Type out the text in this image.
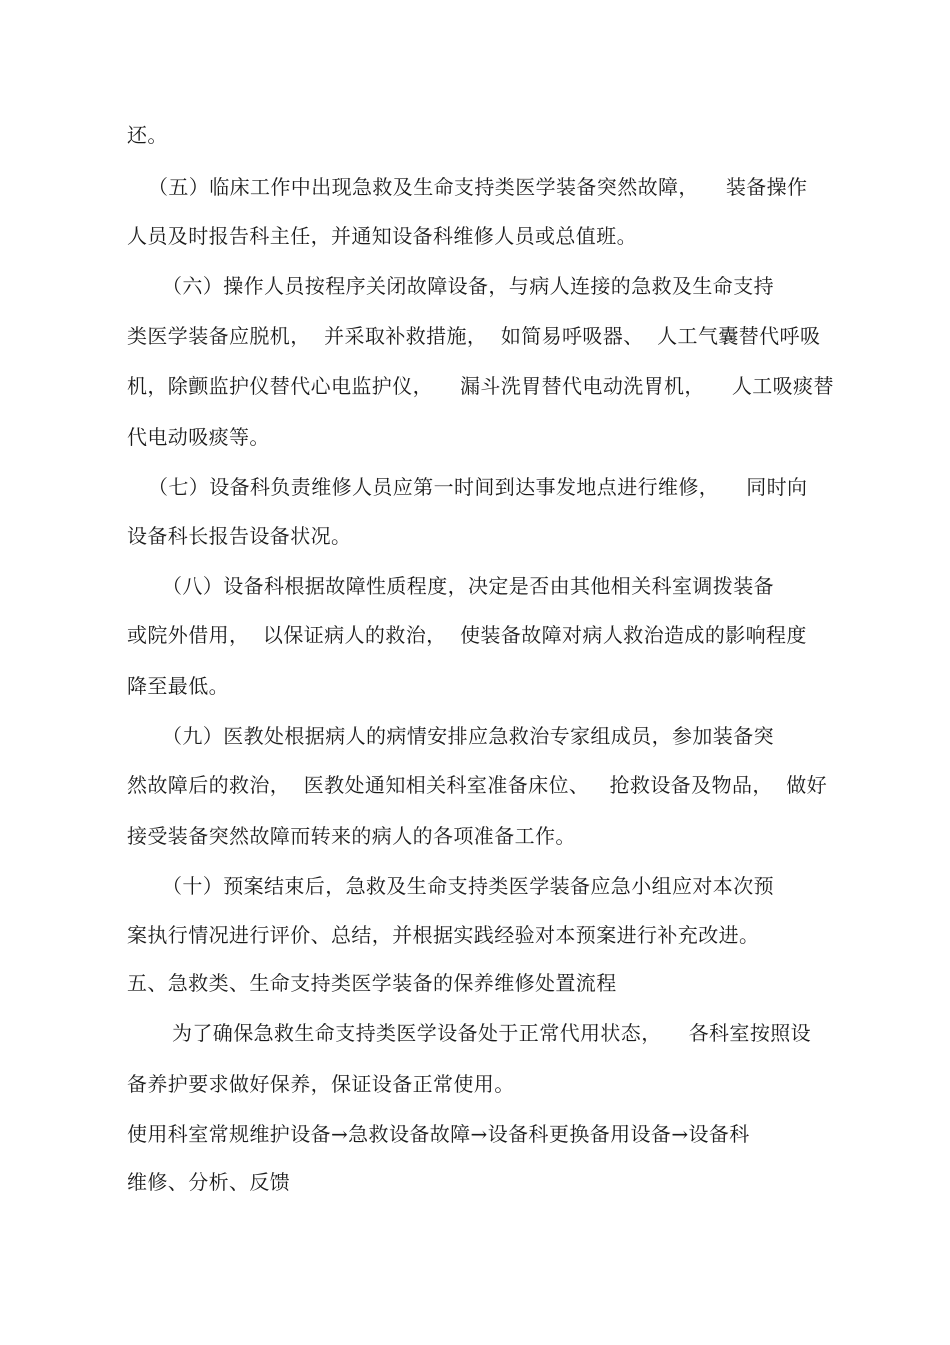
还。
（五）临床工作中出现急救及生命支持类医学装备突然故障，    装备操作
人员及时报告科主任，并通知设备科维修人员或总值班。
（六）操作人员按程序关闭故障设备，与病人连接的急救及生命支持
类医学装备应脱机，  并采取补救措施，  如简易呼吸器、  人工气囊替代呼吸
机，除颤监护仪替代心电监护仪，    漏斗洗胃替代电动洗胃机，    人工吸痰替
代电动吸痰等。
（七）设备科负责维修人员应第一时间到达事发地点进行维修，    同时向
设备科长报告设备状况。
（八）设备科根据故障性质程度，决定是否由其他相关科室调拨装备
或院外借用，  以保证病人的救治，  使装备故障对病人救治造成的影响程度
降至最低。
（九）医教处根据病人的病情安排应急救治专家组成员，参加装备突
然故障后的救治，  医教处通知相关科室准备床位、   抢救设备及物品，  做好
接受装备突然故障而转来的病人的各项准备工作。
（十）预案结束后，急救及生命支持类医学装备应急小组应对本次预
案执行情况进行评价、总结，并根据实践经验对本预案进行补充改进。
五、急救类、生命支持类医学装备的保养维修处置流程
为了确保急救生命支持类医学设备处于正常代用状态，    各科室按照设
备养护要求做好保养，保证设备正常使用。
使用科室常规维护设备→急救设备故障→设备科更换备用设备→设备科
维修、分析、反馈
